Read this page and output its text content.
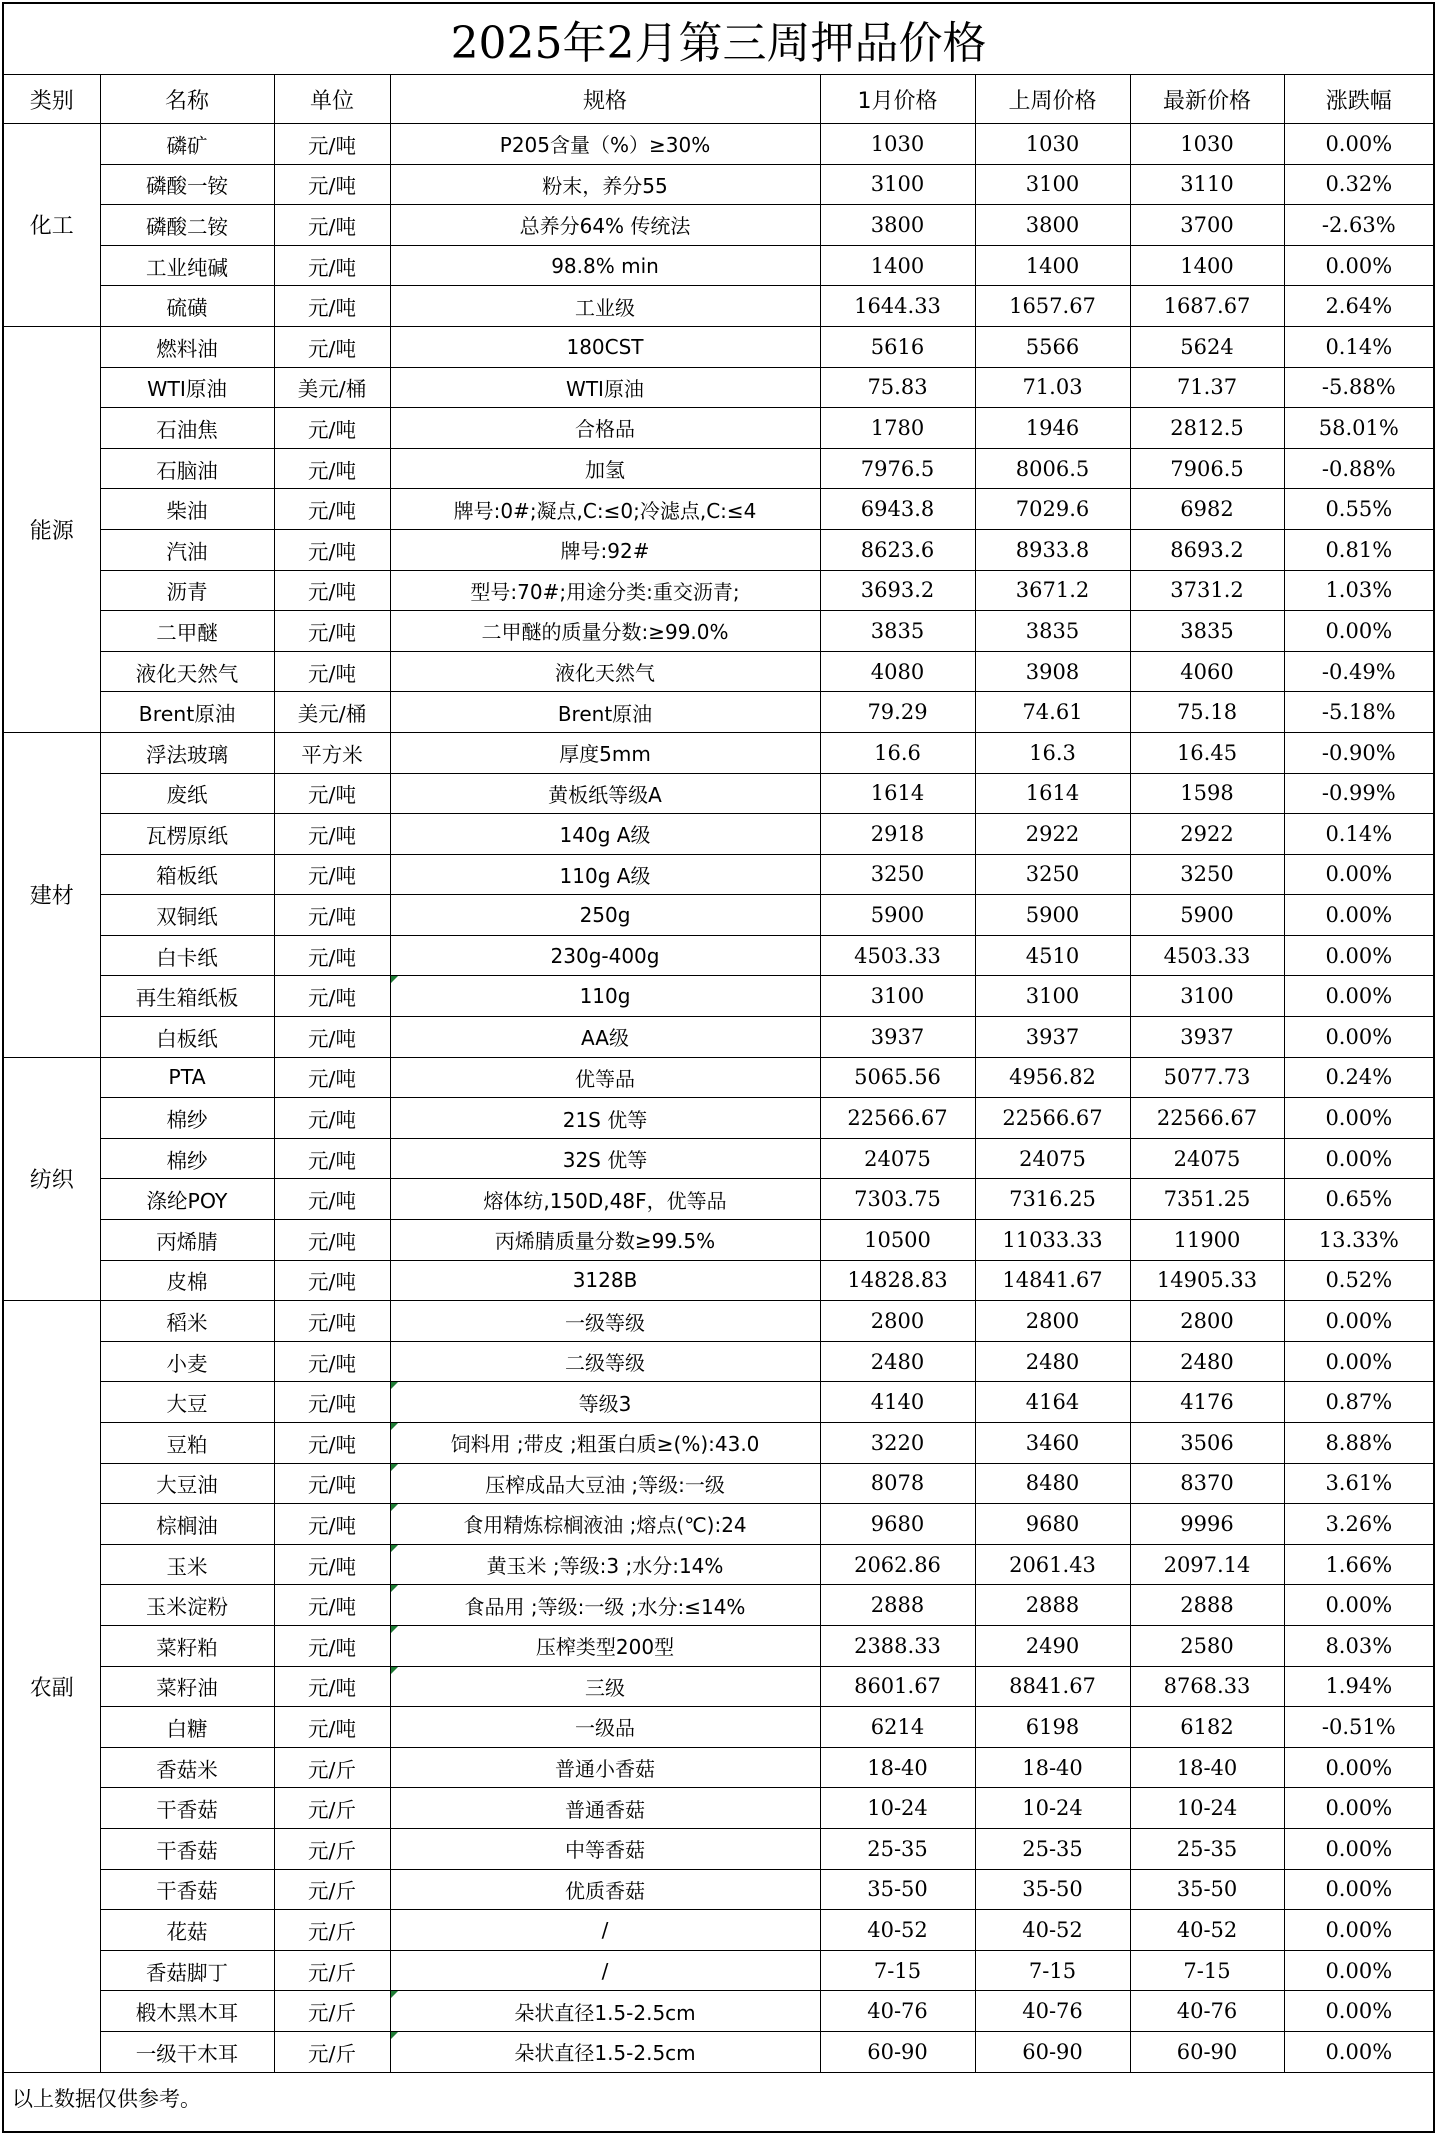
2025年2月第三周押品价格							
类别	名称	单位	规格	1月价格	上周价格	最新价格	涨跌幅
化工	磷矿	元/吨	P205含量（%）≥30%	1030	1030	1030	0.00%
	磷酸一铵	元/吨	粉末，养分55	3100	3100	3110	0.32%
	磷酸二铵	元/吨	总养分64% 传统法	3800	3800	3700	-2.63%
	工业纯碱	元/吨	98.8% min	1400	1400	1400	0.00%
	硫磺	元/吨	工业级	1644.33	1657.67	1687.67	2.64%
能源	燃料油	元/吨	180CST	5616	5566	5624	0.14%
	WTI原油	美元/桶	WTI原油	75.83	71.03	71.37	-5.88%
	石油焦	元/吨	合格品	1780	1946	2812.5	58.01%
	石脑油	元/吨	加氢	7976.5	8006.5	7906.5	-0.88%
	柴油	元/吨	牌号:0#;凝点,C:≤0;冷滤点,C:≤4	6943.8	7029.6	6982	0.55%
	汽油	元/吨	牌号:92#	8623.6	8933.8	8693.2	0.81%
	沥青	元/吨	型号:70#;用途分类:重交沥青;	3693.2	3671.2	3731.2	1.03%
	二甲醚	元/吨	二甲醚的质量分数:≥99.0%	3835	3835	3835	0.00%
	液化天然气	元/吨	液化天然气	4080	3908	4060	-0.49%
	Brent原油	美元/桶	Brent原油	79.29	74.61	75.18	-5.18%
建材	浮法玻璃	平方米	厚度5mm	16.6	16.3	16.45	-0.90%
	废纸	元/吨	黄板纸等级A	1614	1614	1598	-0.99%
	瓦楞原纸	元/吨	140g A级	2918	2922	2922	0.14%
	箱板纸	元/吨	110g A级	3250	3250	3250	0.00%
	双铜纸	元/吨	250g	5900	5900	5900	0.00%
	白卡纸	元/吨	230g-400g	4503.33	4510	4503.33	0.00%
	再生箱纸板	元/吨	110g	3100	3100	3100	0.00%
	白板纸	元/吨	AA级	3937	3937	3937	0.00%
纺织	PTA	元/吨	优等品	5065.56	4956.82	5077.73	0.24%
	棉纱	元/吨	21S 优等	22566.67	22566.67	22566.67	0.00%
	棉纱	元/吨	32S 优等	24075	24075	24075	0.00%
	涤纶POY	元/吨	熔体纺,150D,48F，优等品	7303.75	7316.25	7351.25	0.65%
	丙烯腈	元/吨	丙烯腈质量分数≥99.5%	10500	11033.33	11900	13.33%
	皮棉	元/吨	3128B	14828.83	14841.67	14905.33	0.52%
农副	稻米	元/吨	一级等级	2800	2800	2800	0.00%
	小麦	元/吨	二级等级	2480	2480	2480	0.00%
	大豆	元/吨	等级3	4140	4164	4176	0.87%
	豆粕	元/吨	饲料用 ;带皮 ;粗蛋白质≥(%):43.0	3220	3460	3506	8.88%
	大豆油	元/吨	压榨成品大豆油 ;等级:一级	8078	8480	8370	3.61%
	棕榈油	元/吨	食用精炼棕榈液油 ;熔点(℃):24	9680	9680	9996	3.26%
	玉米	元/吨	黄玉米 ;等级:3 ;水分:14%	2062.86	2061.43	2097.14	1.66%
	玉米淀粉	元/吨	食品用 ;等级:一级 ;水分:≤14%	2888	2888	2888	0.00%
	菜籽粕	元/吨	压榨类型200型	2388.33	2490	2580	8.03%
	菜籽油	元/吨	三级	8601.67	8841.67	8768.33	1.94%
	白糖	元/吨	一级品	6214	6198	6182	-0.51%
	香菇米	元/斤	普通小香菇	18-40	18-40	18-40	0.00%
	干香菇	元/斤	普通香菇	10-24	10-24	10-24	0.00%
	干香菇	元/斤	中等香菇	25-35	25-35	25-35	0.00%
	干香菇	元/斤	优质香菇	35-50	35-50	35-50	0.00%
	花菇	元/斤	/	40-52	40-52	40-52	0.00%
	香菇脚丁	元/斤	/	7-15	7-15	7-15	0.00%
	椴木黑木耳	元/斤	朵状直径1.5-2.5cm	40-76	40-76	40-76	0.00%
	一级干木耳	元/斤	朵状直径1.5-2.5cm	60-90	60-90	60-90	0.00%
以上数据仅供参考。							
